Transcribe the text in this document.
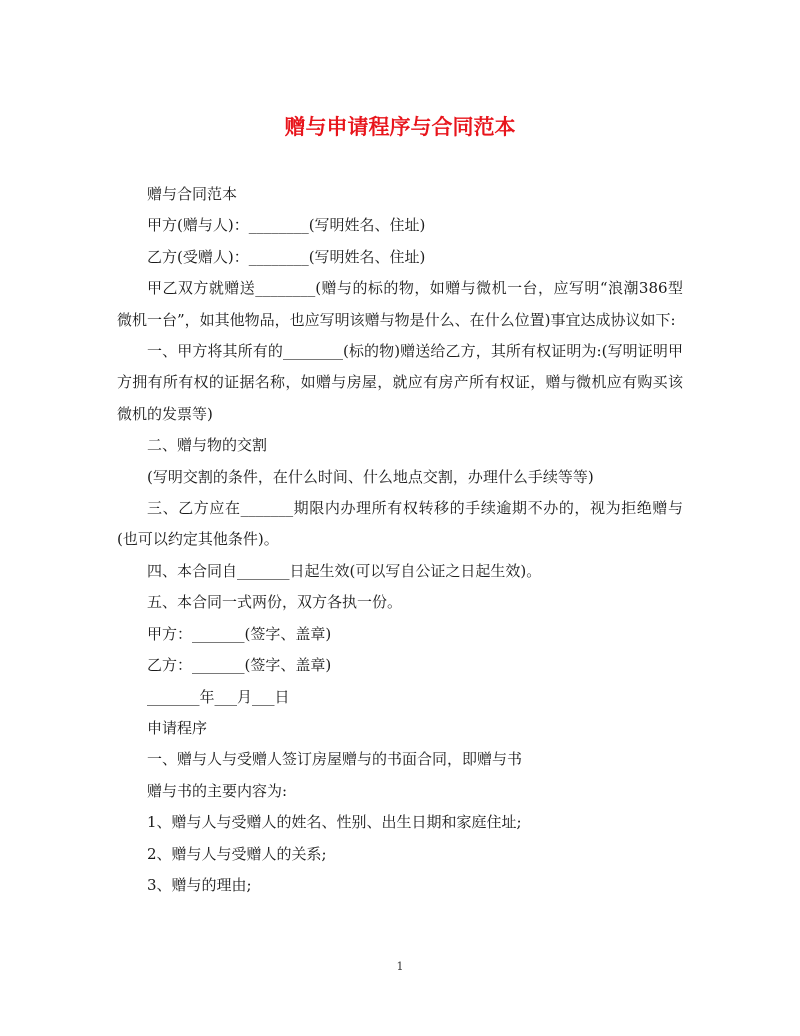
赠与申请程序与合同范本

赠与合同范本

甲方(赠与人)：________(写明姓名、住址)

乙方(受赠人)：________(写明姓名、住址)

甲乙双方就赠送________(赠与的标的物，如赠与微机一台，应写明“浪潮386型微机一台”，如其他物品，也应写明该赠与物是什么、在什么位置)事宜达成协议如下:

一、甲方将其所有的________(标的物)赠送给乙方，其所有权证明为:(写明证明甲方拥有所有权的证据名称，如赠与房屋，就应有房产所有权证，赠与微机应有购买该微机的发票等)

二、赠与物的交割

(写明交割的条件，在什么时间、什么地点交割，办理什么手续等等)

三、乙方应在_______期限内办理所有权转移的手续逾期不办的，视为拒绝赠与(也可以约定其他条件)。

四、本合同自_______日起生效(可以写自公证之日起生效)。

五、本合同一式两份，双方各执一份。

甲方：_______(签字、盖章)

乙方：_______(签字、盖章)

_______年___月___日

申请程序

一、赠与人与受赠人签订房屋赠与的书面合同，即赠与书

赠与书的主要内容为:

1、赠与人与受赠人的姓名、性别、出生日期和家庭住址;

2、赠与人与受赠人的关系;

3、赠与的理由;

1
